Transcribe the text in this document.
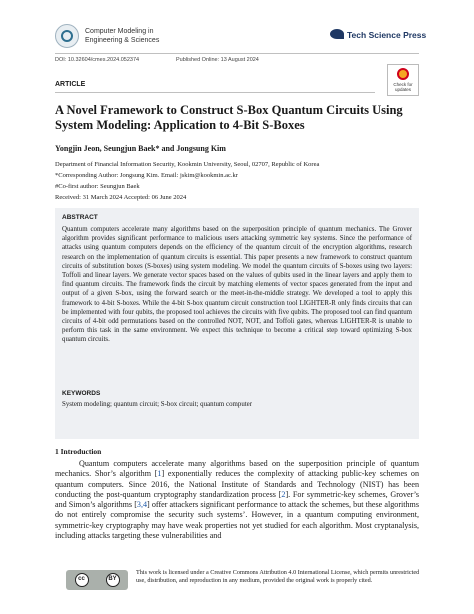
Computer Modeling in
Engineering & Sciences
Tech Science Press
DOI: 10.32604/cmes.2024.052374	Published Online: 13 August 2024
ARTICLE	Check for
updates
A Novel Framework to Construct S-Box Quantum Circuits Using System Modeling: Application to 4-Bit S-Boxes
Yongjin Jeon, Seungjun Baek* and Jongsung Kim
Department of Financial Information Security, Kookmin University, Seoul, 02707, Republic of Korea
*Corresponding Author: Jongsung Kim. Email: jskim@kookmin.ac.kr
#Co-first author: Seungjun Baek
Received: 31 March 2024 Accepted: 06 June 2024
ABSTRACT
Quantum computers accelerate many algorithms based on the superposition principle of quantum mechanics. The Grover algorithm provides significant performance to malicious users attacking symmetric key systems. Since the performance of attacks using quantum computers depends on the efficiency of the quantum circuit of the encryption algorithms, research research on the implementation of quantum circuits is essential. This paper presents a new framework to construct quantum circuits of substitution boxes (S-boxes) using system modeling. We model the quantum circuits of S-boxes using two layers: Toffoli and linear layers. We generate vector spaces based on the values of qubits used in the linear layers and apply them to find quantum circuits. The framework finds the circuit by matching elements of vector spaces generated from the input and output of a given S-box, using the forward search or the meet-in-the-middle strategy. We developed a tool to apply this framework to 4-bit S-boxes. While the 4-bit S-box quantum circuit construction tool LIGHTER-R only finds circuits that can be implemented with four qubits, the proposed tool achieves the circuits with five qubits. The proposed tool can find quantum circuits of 4-bit odd permutations based on the controlled NOT, NOT, and Toffoli gates, whereas LIGHTER-R is unable to perform this task in the same environment. We expect this technique to become a critical step toward optimizing S-box quantum circuits.
KEYWORDS
System modeling; quantum circuit; S-box circuit; quantum computer
1 Introduction
Quantum computers accelerate many algorithms based on the superposition principle of quantum mechanics. Shor’s algorithm [1] exponentially reduces the complexity of attacking public-key schemes on quantum computers. Since 2016, the National Institute of Standards and Technology (NIST) has been conducting the post-quantum cryptography standardization process [2]. For symmetric-key schemes, Grover’s and Simon’s algorithms [3,4] offer attackers significant performance to attack the schemes, but these algorithms do not entirely compromise the security such systems’. However, in a quantum computing environment, symmetric-key cryptography may have weak properties not yet studied for each algorithm. Most cryptanalysis, including attacks targeting these vulnerabilities and
cc	BY
This work is licensed under a Creative Commons Attribution 4.0 International License, which permits unrestricted use, distribution, and reproduction in any medium, provided the original work is properly cited.
